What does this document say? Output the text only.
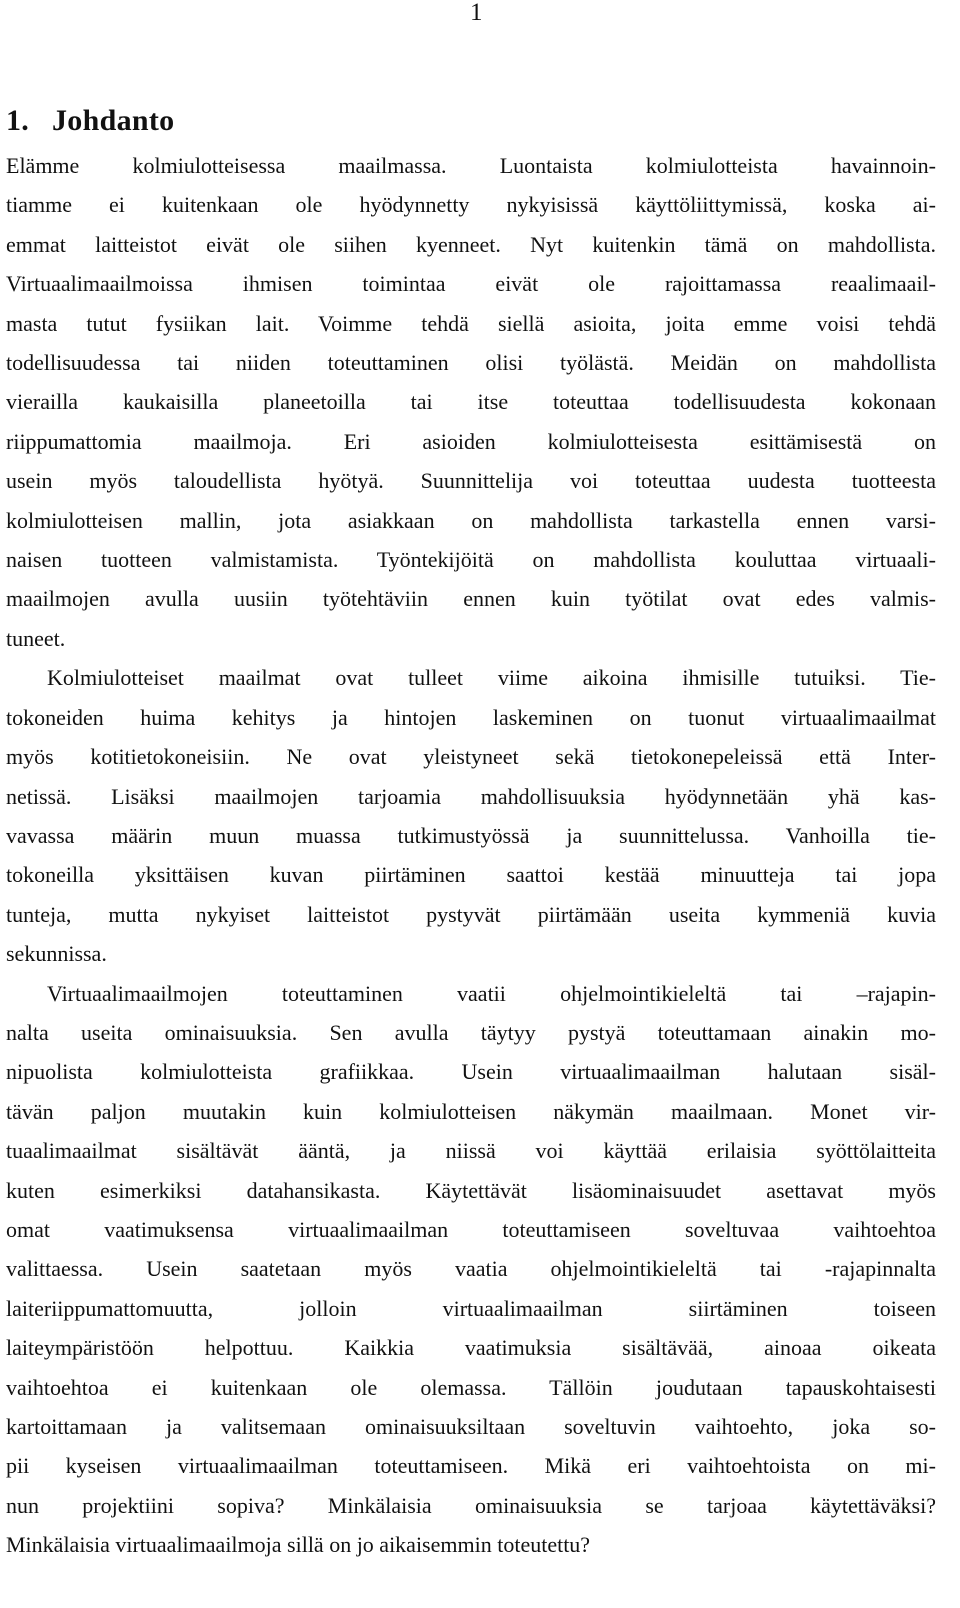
1
1. Johdanto
Elämme kolmiulotteisessa maailmassa. Luontaista kolmiulotteista havainnoin-
tiamme ei kuitenkaan ole hyödynnetty nykyisissä käyttöliittymissä, koska ai-
emmat laitteistot eivät ole siihen kyenneet. Nyt kuitenkin tämä on mahdollista.
Virtuaalimaailmoissa ihmisen toimintaa eivät ole rajoittamassa reaalimaail-
masta tutut fysiikan lait. Voimme tehdä siellä asioita, joita emme voisi tehdä
todellisuudessa tai niiden toteuttaminen olisi työlästä. Meidän on mahdollista
vierailla kaukaisilla planeetoilla tai itse toteuttaa todellisuudesta kokonaan
riippumattomia maailmoja. Eri asioiden kolmiulotteisesta esittämisestä on
usein myös taloudellista hyötyä. Suunnittelija voi toteuttaa uudesta tuotteesta
kolmiulotteisen mallin, jota asiakkaan on mahdollista tarkastella ennen varsi-
naisen tuotteen valmistamista. Työntekijöitä on mahdollista kouluttaa virtuaali-
maailmojen avulla uusiin työtehtäviin ennen kuin työtilat ovat edes valmis-
tuneet.
Kolmiulotteiset maailmat ovat tulleet viime aikoina ihmisille tutuiksi. Tie-
tokoneiden huima kehitys ja hintojen laskeminen on tuonut virtuaalimaailmat
myös kotitietokoneisiin. Ne ovat yleistyneet sekä tietokonepeleissä että Inter-
netissä. Lisäksi maailmojen tarjoamia mahdollisuuksia hyödynnetään yhä kas-
vavassa määrin muun muassa tutkimustyössä ja suunnittelussa. Vanhoilla tie-
tokoneilla yksittäisen kuvan piirtäminen saattoi kestää minuutteja tai jopa
tunteja, mutta nykyiset laitteistot pystyvät piirtämään useita kymmeniä kuvia
sekunnissa.
Virtuaalimaailmojen toteuttaminen vaatii ohjelmointikieleltä tai –rajapin-
nalta useita ominaisuuksia. Sen avulla täytyy pystyä toteuttamaan ainakin mo-
nipuolista kolmiulotteista grafiikkaa. Usein virtuaalimaailman halutaan sisäl-
tävän paljon muutakin kuin kolmiulotteisen näkymän maailmaan. Monet vir-
tuaalimaailmat sisältävät ääntä, ja niissä voi käyttää erilaisia syöttölaitteita
kuten esimerkiksi datahansikasta. Käytettävät lisäominaisuudet asettavat myös
omat vaatimuksensa virtuaalimaailman toteuttamiseen soveltuvaa vaihtoehtoa
valittaessa. Usein saatetaan myös vaatia ohjelmointikieleltä tai -rajapinnalta
laiteriippumattomuutta, jolloin virtuaalimaailman siirtäminen toiseen
laiteympäristöön helpottuu. Kaikkia vaatimuksia sisältävää, ainoaa oikeata
vaihtoehtoa ei kuitenkaan ole olemassa. Tällöin joudutaan tapauskohtaisesti
kartoittamaan ja valitsemaan ominaisuuksiltaan soveltuvin vaihtoehto, joka so-
pii kyseisen virtuaalimaailman toteuttamiseen. Mikä eri vaihtoehtoista on mi-
nun projektiini sopiva? Minkälaisia ominaisuuksia se tarjoaa käytettäväksi?
Minkälaisia virtuaalimaailmoja sillä on jo aikaisemmin toteutettu?
